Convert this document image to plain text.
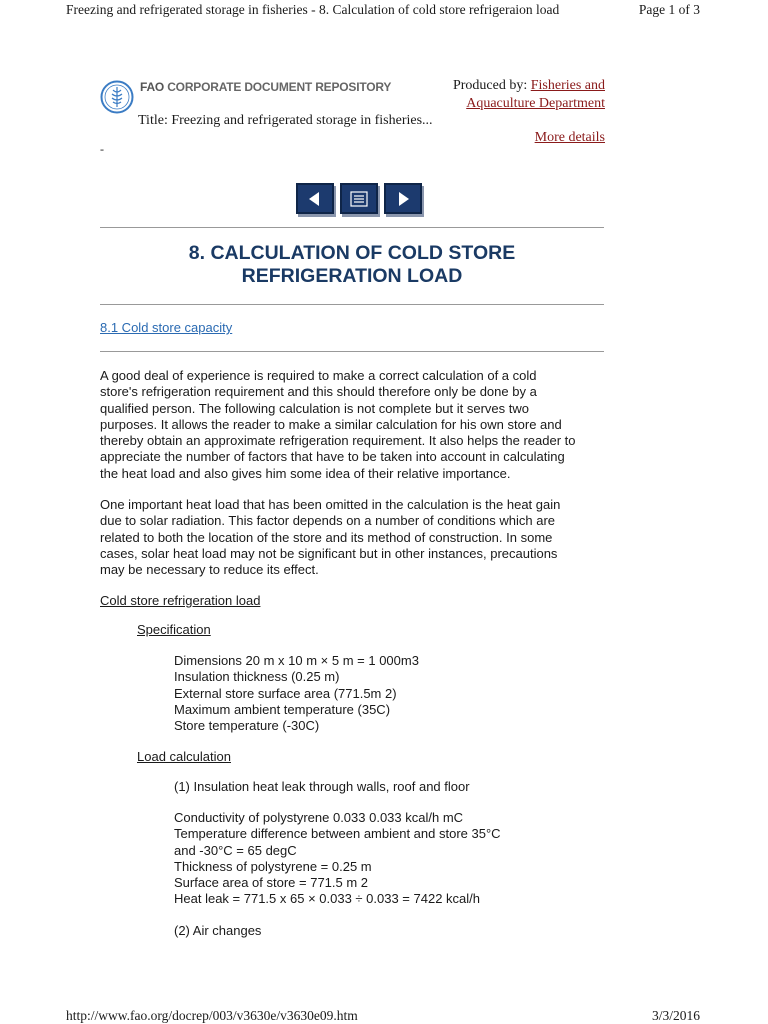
Freezing and refrigerated storage in fisheries - 8. Calculation of cold store refrigeraion load	Page 1 of 3
FAO CORPORATE DOCUMENT REPOSITORY	Produced by: Fisheries and
Aquaculture Department
Title: Freezing and refrigerated storage in fisheries...
More details
-
8. CALCULATION OF COLD STORE
REFRIGERATION LOAD
8.1 Cold store capacity
A good deal of experience is required to make a correct calculation of a cold
store's refrigeration requirement and this should therefore only be done by a
qualified person. The following calculation is not complete but it serves two
purposes. It allows the reader to make a similar calculation for his own store and
thereby obtain an approximate refrigeration requirement. It also helps the reader to
appreciate the number of factors that have to be taken into account in calculating
the heat load and also gives him some idea of their relative importance.
One important heat load that has been omitted in the calculation is the heat gain
due to solar radiation. This factor depends on a number of conditions which are
related to both the location of the store and its method of construction. In some
cases, solar heat load may not be significant but in other instances, precautions
may be necessary to reduce its effect.
Cold store refrigeration load
Specification
Dimensions 20 m x 10 m × 5 m = 1 000m3
Insulation thickness (0.25 m)
External store surface area (771.5m 2)
Maximum ambient temperature (35C)
Store temperature (-30C)
Load calculation
(1) Insulation heat leak through walls, roof and floor
Conductivity of polystyrene 0.033 0.033 kcal/h mC
Temperature difference between ambient and store 35°C
and -30°C = 65 degC
Thickness of polystyrene = 0.25 m
Surface area of store = 771.5 m 2
Heat leak = 771.5 x 65 × 0.033 ÷ 0.033 = 7422 kcal/h
(2) Air changes
http://www.fao.org/docrep/003/v3630e/v3630e09.htm	3/3/2016
